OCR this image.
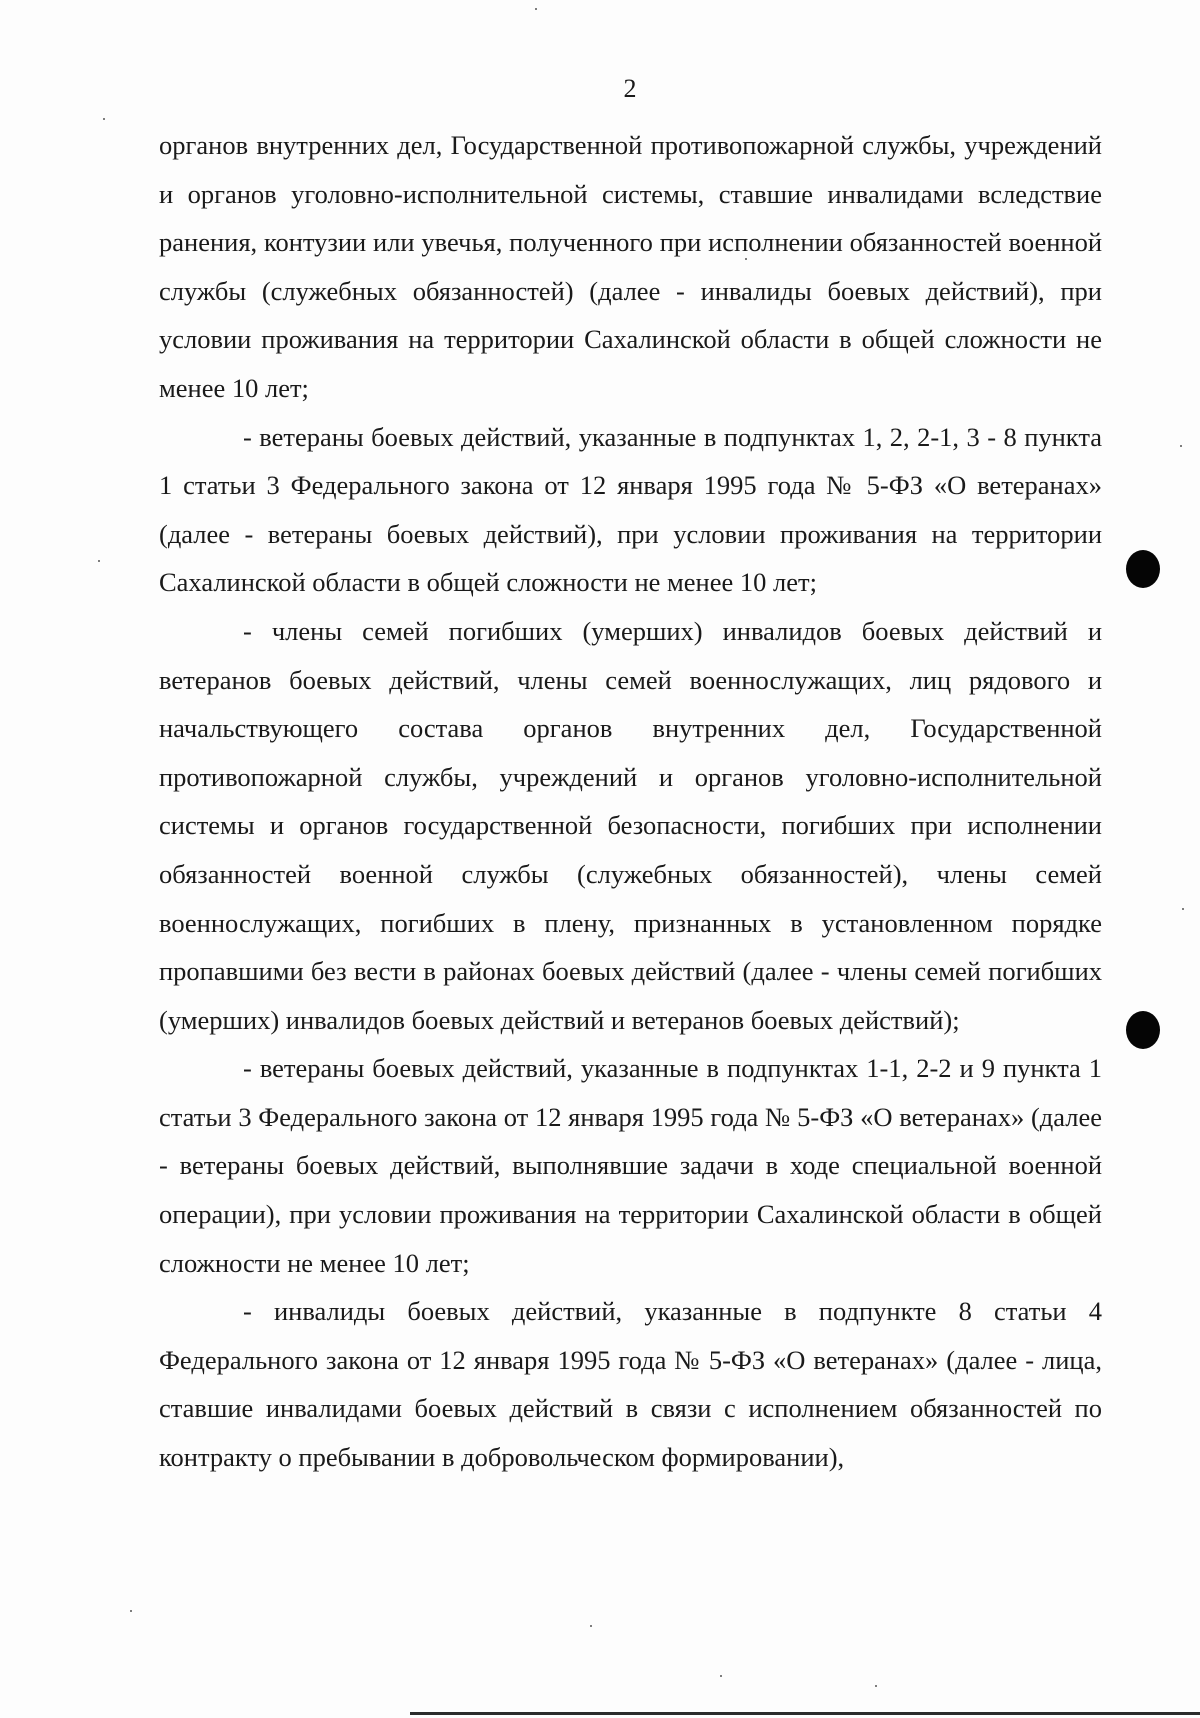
2

органов внутренних дел, Государственной противопожарной службы, учреждений и органов уголовно-исполнительной системы, ставшие инвалидами вследствие ранения, контузии или увечья, полученного при исполнении обязанностей военной службы (служебных обязанностей) (далее - инвалиды боевых действий), при условии проживания на территории Сахалинской области в общей сложности не менее 10 лет;

- ветераны боевых действий, указанные в подпунктах 1, 2, 2-1, 3 - 8 пункта 1 статьи 3 Федерального закона от 12 января 1995 года № 5-ФЗ «О ветеранах» (далее - ветераны боевых действий), при условии проживания на территории Сахалинской области в общей сложности не менее 10 лет;

- члены семей погибших (умерших) инвалидов боевых действий и ветеранов боевых действий, члены семей военнослужащих, лиц рядового и начальствующего состава органов внутренних дел, Государственной противопожарной службы, учреждений и органов уголовно-исполнительной системы и органов государственной безопасности, погибших при исполнении обязанностей военной службы (служебных обязанностей), члены семей военнослужащих, погибших в плену, признанных в установленном порядке пропавшими без вести в районах боевых действий (далее - члены семей погибших (умерших) инвалидов боевых действий и ветеранов боевых действий);

- ветераны боевых действий, указанные в подпунктах 1-1, 2-2 и 9 пункта 1 статьи 3 Федерального закона от 12 января 1995 года № 5-ФЗ «О ветеранах» (далее - ветераны боевых действий, выполнявшие задачи в ходе специальной военной операции), при условии проживания на территории Сахалинской области в общей сложности не менее 10 лет;

- инвалиды боевых действий, указанные в подпункте 8 статьи 4 Федерального закона от 12 января 1995 года № 5-ФЗ «О ветеранах» (далее - лица, ставшие инвалидами боевых действий в связи с исполнением обязанностей по контракту о пребывании в добровольческом формировании),
